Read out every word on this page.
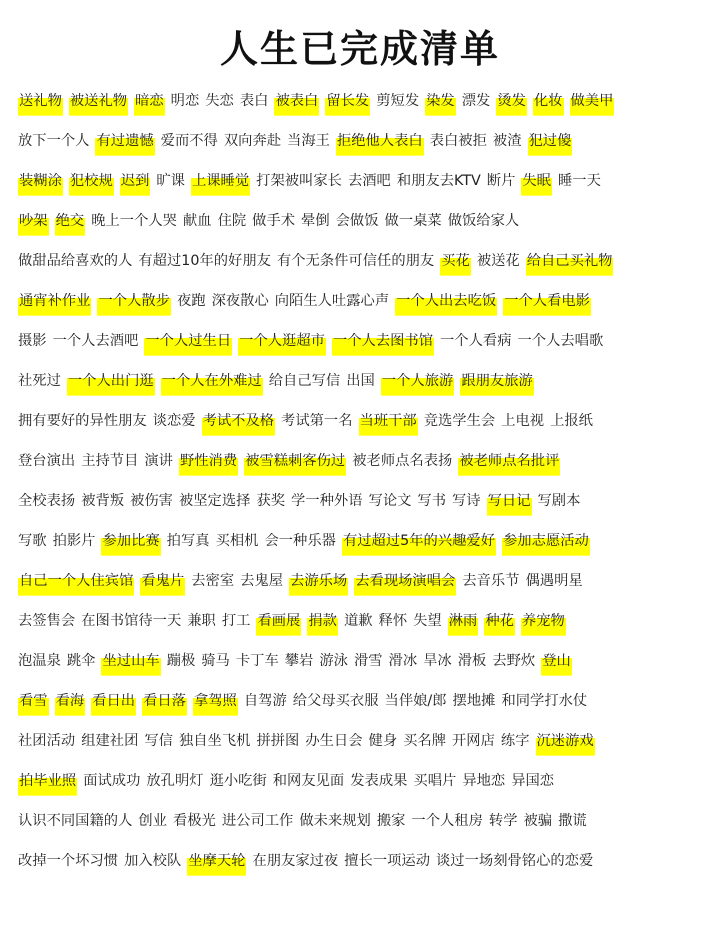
人生已完成清单
送礼物 被送礼物 暗恋 明恋 失恋 表白 被表白 留长发 剪短发 染发 漂发 烫发 化妆 做美甲
放下一个人 有过遗憾 爱而不得 双向奔赴 当海王 拒绝他人表白 表白被拒 被渣 犯过傻
装糊涂 犯校规 迟到 旷课 上课睡觉 打架被叫家长 去酒吧 和朋友去KTV 断片 失眠 睡一天
吵架 绝交 晚上一个人哭 献血 住院 做手术 晕倒 会做饭 做一桌菜 做饭给家人
做甜品给喜欢的人 有超过10年的好朋友 有个无条件可信任的朋友 买花 被送花 给自己买礼物
通宵补作业 一个人散步 夜跑 深夜散心 向陌生人吐露心声 一个人出去吃饭 一个人看电影
摄影 一个人去酒吧 一个人过生日 一个人逛超市 一个人去图书馆 一个人看病 一个人去唱歌
社死过 一个人出门逛 一个人在外难过 给自己写信 出国 一个人旅游 跟朋友旅游
拥有要好的异性朋友 谈恋爱 考试不及格 考试第一名 当班干部 竞选学生会 上电视 上报纸
登台演出 主持节目 演讲 野性消费 被雪糕刺客伤过 被老师点名表扬 被老师点名批评
全校表扬 被背叛 被伤害 被坚定选择 获奖 学一种外语 写论文 写书 写诗 写日记 写剧本
写歌 拍影片 参加比赛 拍写真 买相机 会一种乐器 有过超过5年的兴趣爱好 参加志愿活动
自己一个人住宾馆 看鬼片 去密室 去鬼屋 去游乐场 去看现场演唱会 去音乐节 偶遇明星
去签售会 在图书馆待一天 兼职 打工 看画展 捐款 道歉 释怀 失望 淋雨 种花 养宠物
泡温泉 跳伞 坐过山车 蹦极 骑马 卡丁车 攀岩 游泳 滑雪 滑冰 旱冰 滑板 去野炊 登山
看雪 看海 看日出 看日落 拿驾照 自驾游 给父母买衣服 当伴娘/郎 摆地摊 和同学打水仗
社团活动 组建社团 写信 独自坐飞机 拼拼图 办生日会 健身 买名牌 开网店 练字 沉迷游戏
拍毕业照 面试成功 放孔明灯 逛小吃街 和网友见面 发表成果 买唱片 异地恋 异国恋
认识不同国籍的人 创业 看极光 进公司工作 做未来规划 搬家 一个人租房 转学 被骗 撒谎
改掉一个坏习惯 加入校队 坐摩天轮 在朋友家过夜 擅长一项运动 谈过一场刻骨铭心的恋爱
